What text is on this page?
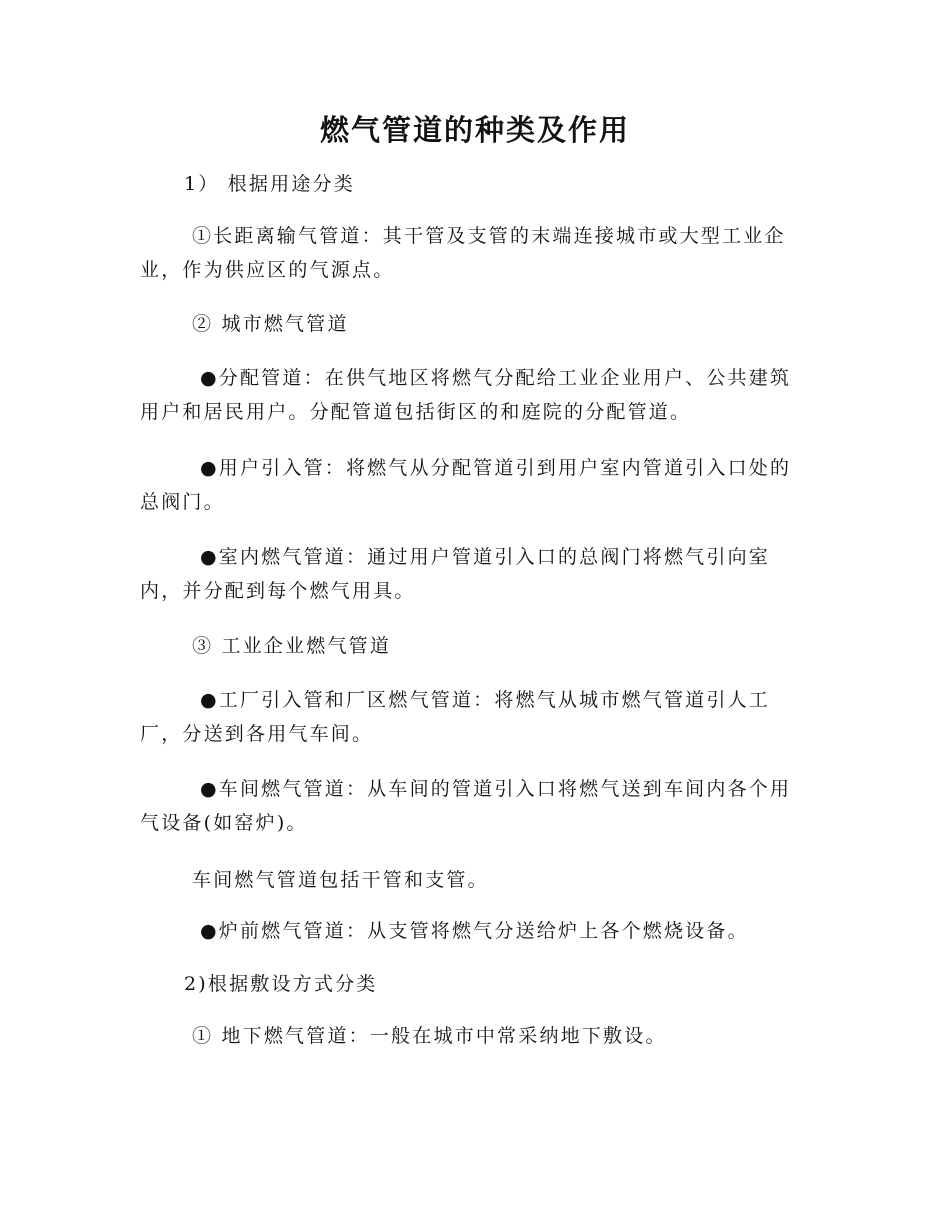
燃气管道的种类及作用
1） 根据用途分类
①长距离输气管道：其干管及支管的末端连接城市或大型工业企
业，作为供应区的气源点。
② 城市燃气管道
●分配管道：在供气地区将燃气分配给工业企业用户、公共建筑
用户和居民用户。分配管道包括街区的和庭院的分配管道。
●用户引入管：将燃气从分配管道引到用户室内管道引入口处的
总阀门。
●室内燃气管道：通过用户管道引入口的总阀门将燃气引向室
内，并分配到每个燃气用具。
③ 工业企业燃气管道
●工厂引入管和厂区燃气管道：将燃气从城市燃气管道引人工
厂，分送到各用气车间。
●车间燃气管道：从车间的管道引入口将燃气送到车间内各个用
气设备(如窑炉)。
车间燃气管道包括干管和支管。
●炉前燃气管道：从支管将燃气分送给炉上各个燃烧设备。
2)根据敷设方式分类
① 地下燃气管道：一般在城市中常采纳地下敷设。
